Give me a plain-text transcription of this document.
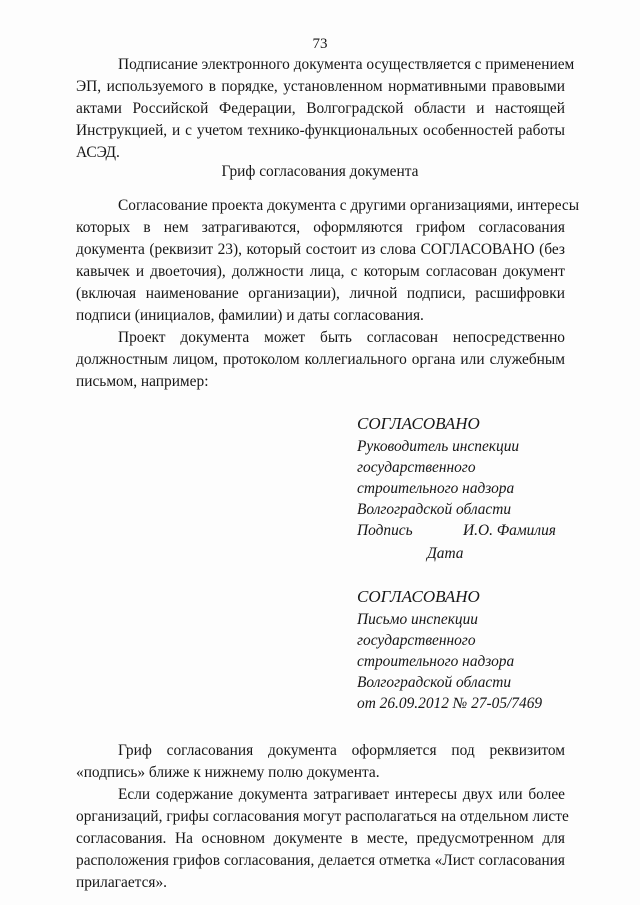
73
Подписание электронного документа осуществляется с применением
ЭП, используемого в порядке, установленном нормативными правовыми
актами Российской Федерации, Волгоградской области и настоящей
Инструкцией, и с учетом технико-функциональных особенностей работы
АСЭД.
Гриф согласования документа
Согласование проекта документа с другими организациями, интересы
которых в нем затрагиваются, оформляются грифом согласования
документа (реквизит 23), который состоит из слова СОГЛАСОВАНО (без
кавычек и двоеточия), должности лица, с которым согласован документ
(включая наименование организации), личной подписи, расшифровки
подписи (инициалов, фамилии) и даты согласования.
Проект документа может быть согласован непосредственно
должностным лицом, протоколом коллегиального органа или служебным
письмом, например:
СОГЛАСОВАНО
Руководитель инспекции
государственного
строительного надзора
Волгоградской области
Подпись	И.О. Фамилия
Дата
СОГЛАСОВАНО
Письмо инспекции
государственного
строительного надзора
Волгоградской области
от 26.09.2012 № 27-05/7469
Гриф согласования документа оформляется под реквизитом
«подпись» ближе к нижнему полю документа.
Если содержание документа затрагивает интересы двух или более
организаций, грифы согласования могут располагаться на отдельном листе
согласования. На основном документе в месте, предусмотренном для
расположения грифов согласования, делается отметка «Лист согласования
прилагается».
